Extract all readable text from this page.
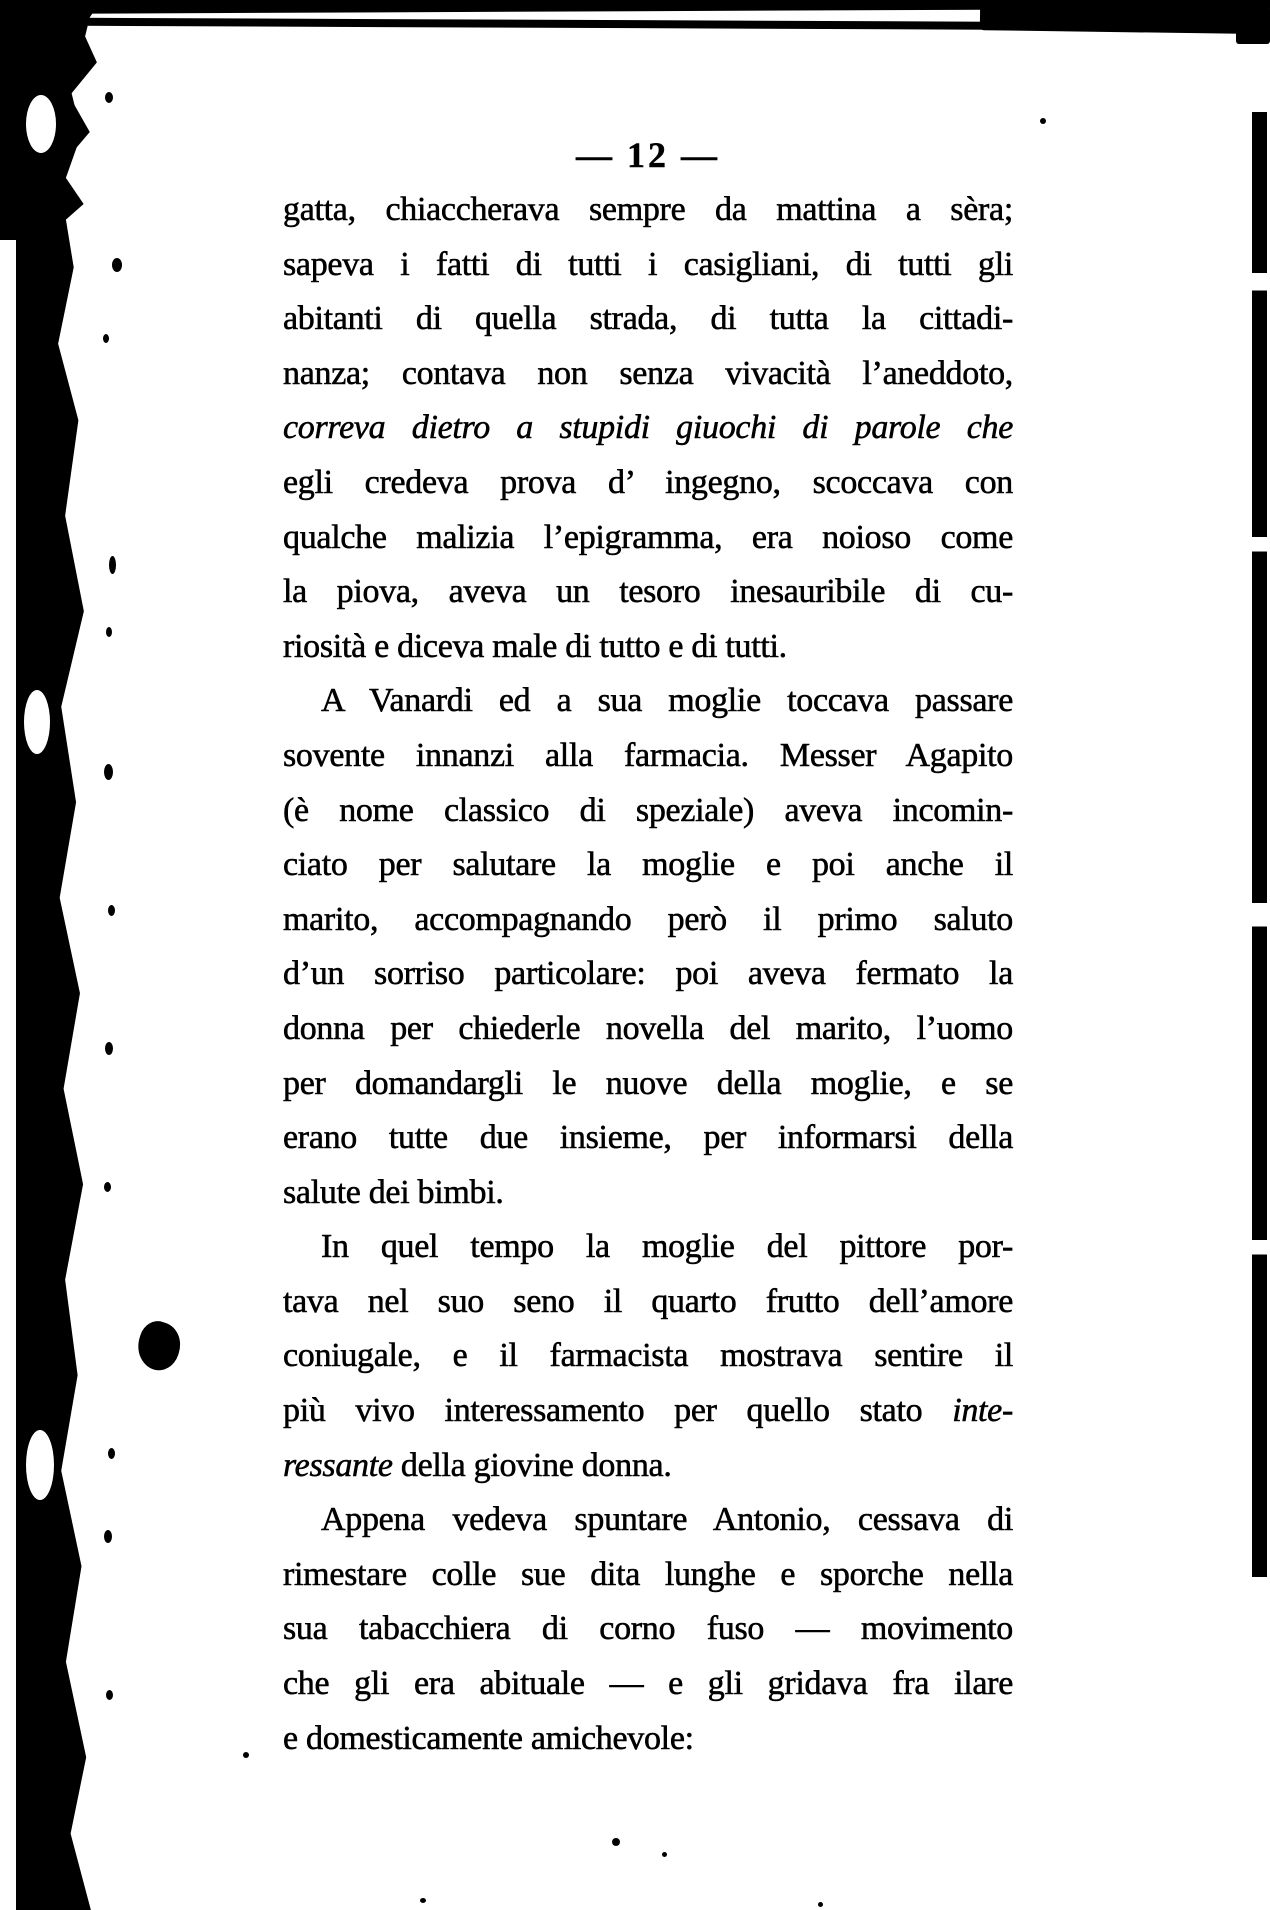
— 12 —
gatta, chiaccherava sempre da mattina a sèra;
sapeva i fatti di tutti i casigliani, di tutti gli
abitanti di quella strada, di tutta la cittadi-
nanza; contava non senza vivacità l’aneddoto,
correva dietro a stupidi giuochi di parole che
egli credeva prova d’ ingegno, scoccava con
qualche malizia l’epigramma, era noioso come
la piova, aveva un tesoro inesauribile di cu-
riosità e diceva male di tutto e di tutti.
A Vanardi ed a sua moglie toccava passare
sovente innanzi alla farmacia. Messer Agapito
(è nome classico di speziale) aveva incomin-
ciato per salutare la moglie e poi anche il
marito, accompagnando però il primo saluto
d’un sorriso particolare: poi aveva fermato la
donna per chiederle novella del marito, l’uomo
per domandargli le nuove della moglie, e se
erano tutte due insieme, per informarsi della
salute dei bimbi.
In quel tempo la moglie del pittore por-
tava nel suo seno il quarto frutto dell’amore
coniugale, e il farmacista mostrava sentire il
più vivo interessamento per quello stato inte-
ressante della giovine donna.
Appena vedeva spuntare Antonio, cessava di
rimestare colle sue dita lunghe e sporche nella
sua tabacchiera di corno fuso — movimento
che gli era abituale — e gli gridava fra ilare
e domesticamente amichevole:
